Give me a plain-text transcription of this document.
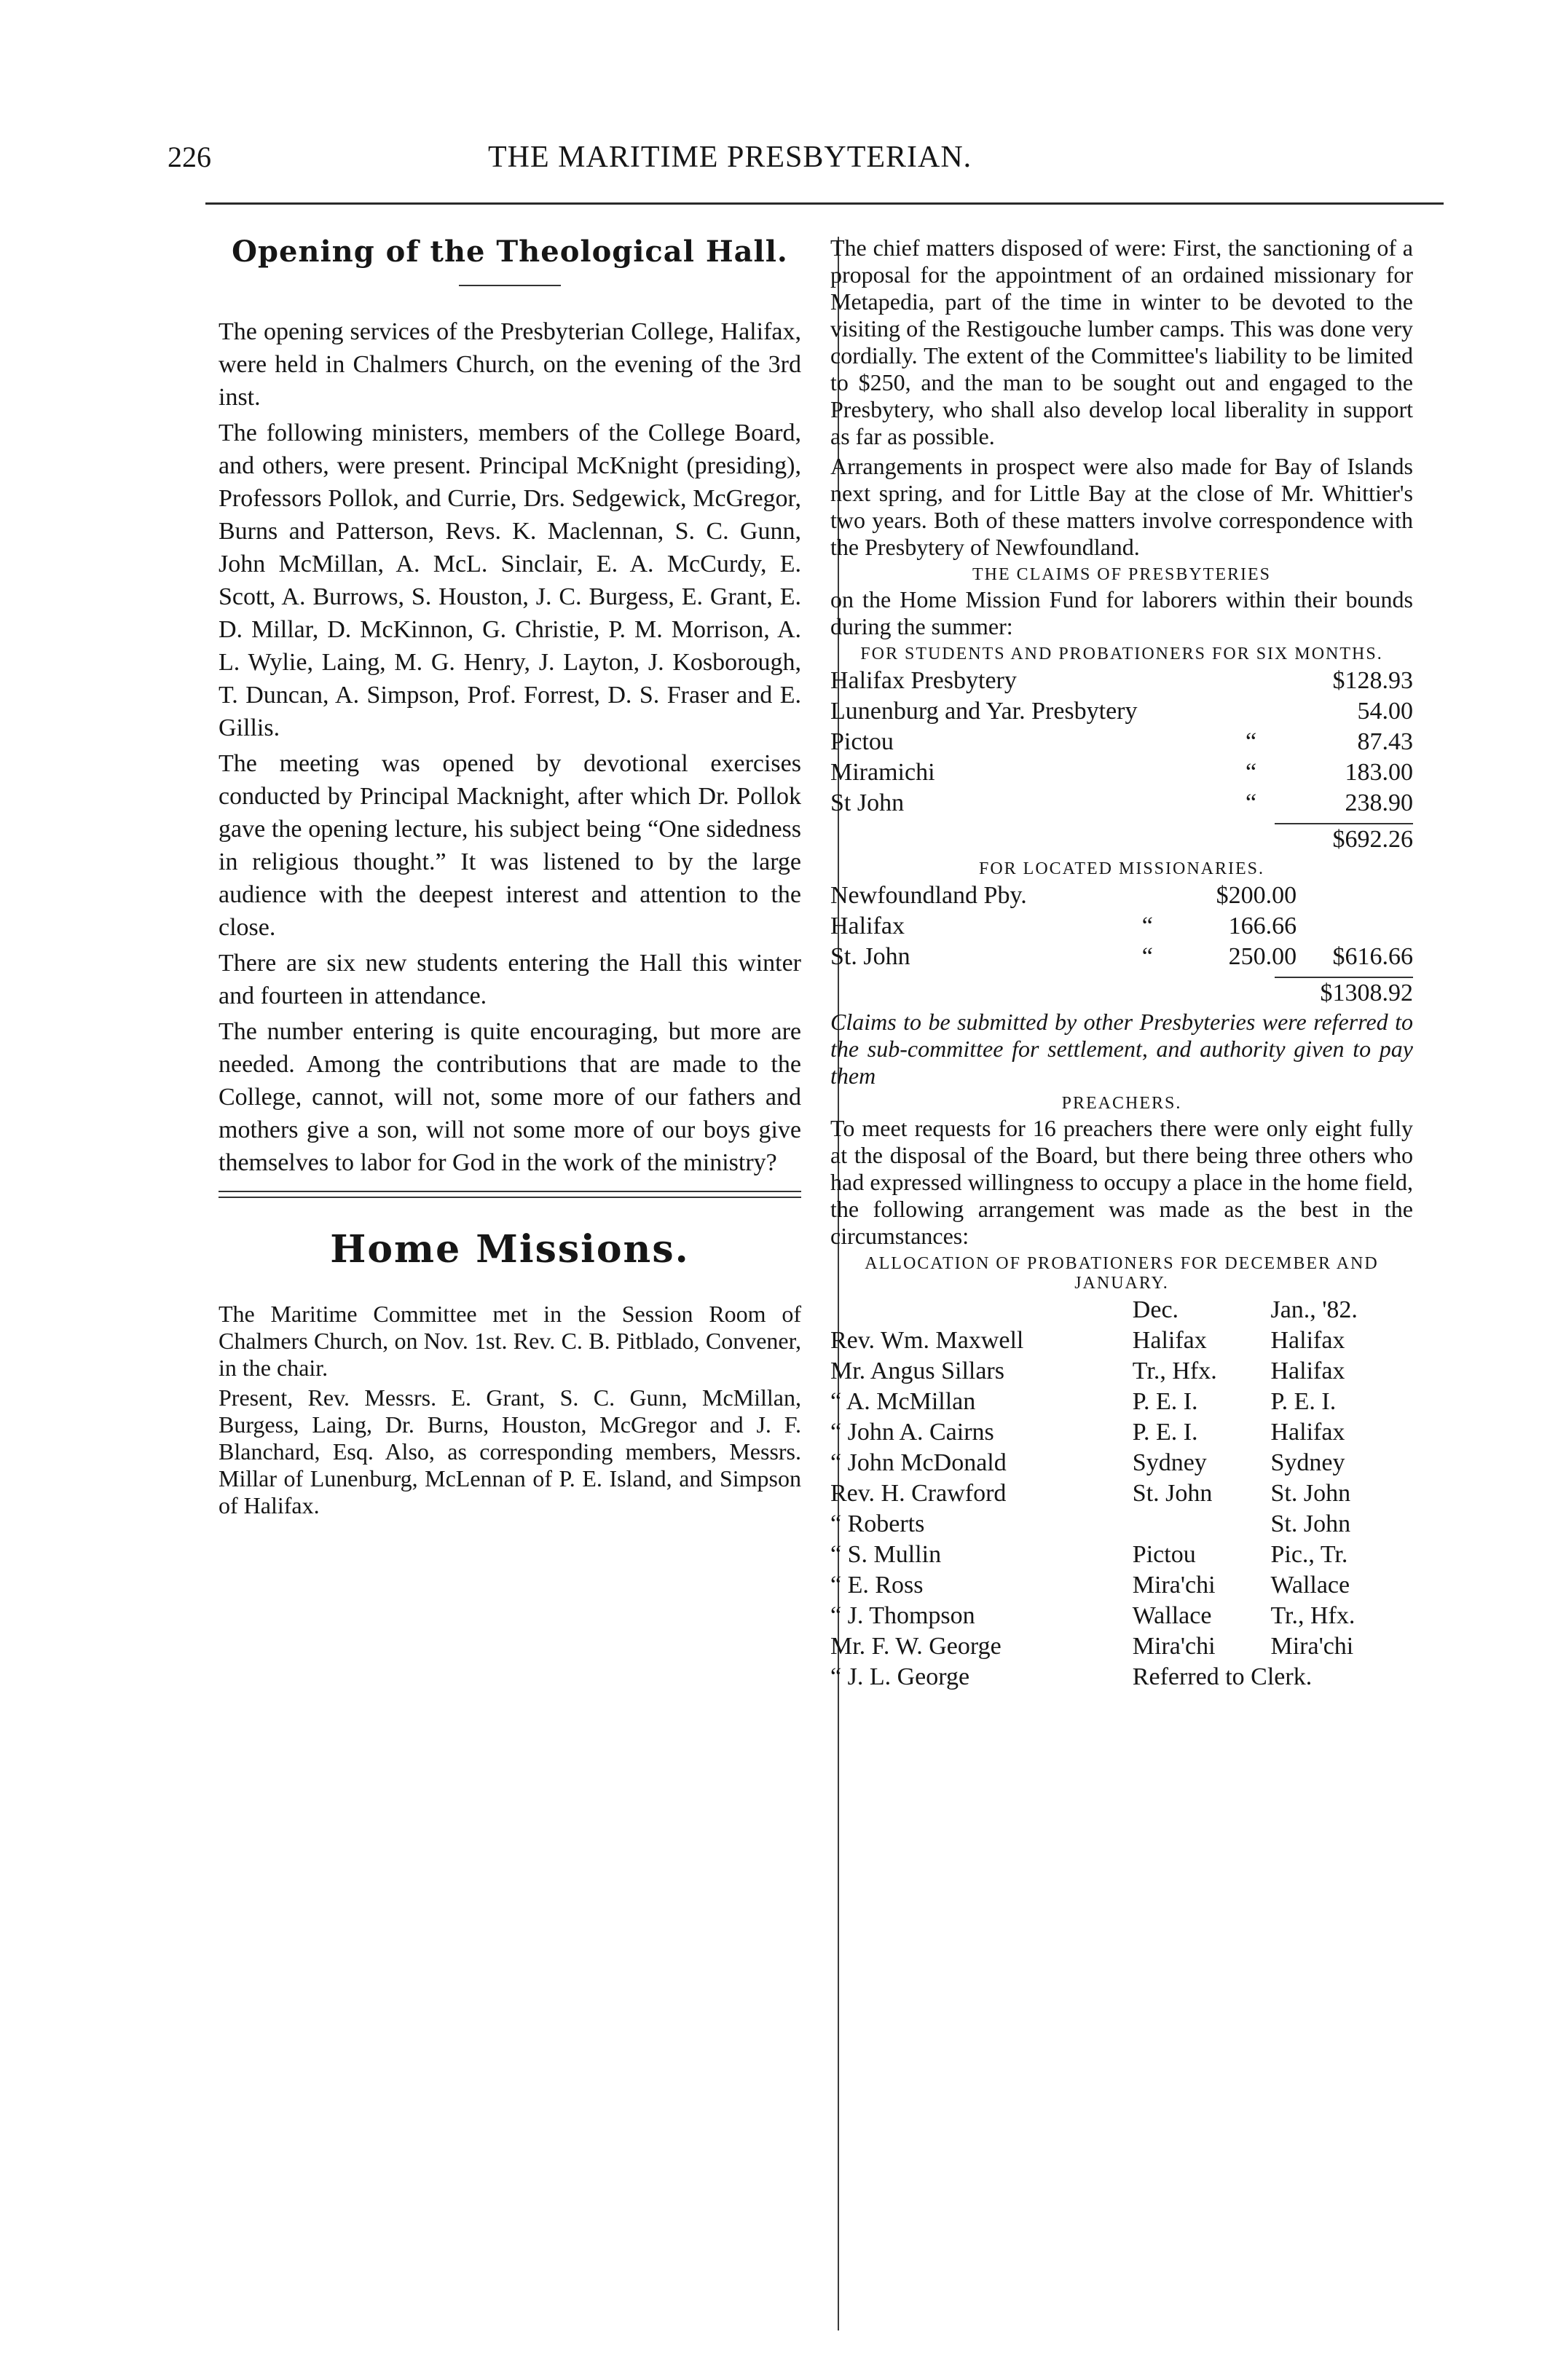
226	THE MARITIME PRESBYTERIAN.
Opening of the Theological Hall.

The opening services of the Presbyterian College, Halifax, were held in Chalmers Church, on the evening of the 3rd inst.

The following ministers, members of the College Board, and others, were present. Principal McKnight (presiding), Professors Pollok, and Currie, Drs. Sedgewick, McGregor, Burns and Patterson, Revs. K. Maclennan, S. C. Gunn, John McMillan, A. McL. Sinclair, E. A. McCurdy, E. Scott, A. Burrows, S. Houston, J. C. Burgess, E. Grant, E. D. Millar, D. McKinnon, G. Christie, P. M. Morrison, A. L. Wylie, Laing, M. G. Henry, J. Layton, J. Kosborough, T. Duncan, A. Simpson, Prof. Forrest, D. S. Fraser and E. Gillis.

The meeting was opened by devotional exercises conducted by Principal Macknight, after which Dr. Pollok gave the opening lecture, his subject being “One sidedness in religious thought.” It was listened to by the large audience with the deepest interest and attention to the close.

There are six new students entering the Hall this winter and fourteen in attendance.

The number entering is quite encouraging, but more are needed. Among the contributions that are made to the College, cannot, will not, some more of our fathers and mothers give a son, will not some more of our boys give themselves to labor for God in the work of the ministry?

Home Missions.

The Maritime Committee met in the Session Room of Chalmers Church, on Nov. 1st. Rev. C. B. Pitblado, Convener, in the chair.

Present, Rev. Messrs. E. Grant, S. C. Gunn, McMillan, Burgess, Laing, Dr. Burns, Houston, McGregor and J. F. Blanchard, Esq. Also, as corresponding members, Messrs. Millar of Lunenburg, McLennan of P. E. Island, and Simpson of Halifax.

The chief matters disposed of were: First, the sanctioning of a proposal for the appointment of an ordained missionary for Metapedia, part of the time in winter to be devoted to the visiting of the Restigouche lumber camps. This was done very cordially. The extent of the Committee's liability to be limited to $250, and the man to be sought out and engaged to the Presbytery, who shall also develop local liberality in support as far as possible.

Arrangements in prospect were also made for Bay of Islands next spring, and for Little Bay at the close of Mr. Whittier's two years. Both of these matters involve correspondence with the Presbytery of Newfoundland.

THE CLAIMS OF PRESBYTERIES

on the Home Mission Fund for laborers within their bounds during the summer:

FOR STUDENTS AND PROBATIONERS FOR SIX MONTHS.
Halifax Presbytery		$128.93
Lunenburg and Yar. Presbytery		54.00
Pictou	“	87.43
Miramichi	“	183.00
St John	“	238.90
$692.26
FOR LOCATED MISSIONARIES.
Newfoundland Pby.		$200.00	
Halifax	“	166.66	
St. John	“	250.00	$616.66
$1308.92

Claims to be submitted by other Presbyteries were referred to the sub-committee for settlement, and authority given to pay them

PREACHERS.

To meet requests for 16 preachers there were only eight fully at the disposal of the Board, but there being three others who had expressed willingness to occupy a place in the home field, the following arrangement was made as the best in the circumstances:

ALLOCATION OF PROBATIONERS FOR DECEMBER AND JANUARY.
	Dec.	Jan., '82.
Rev. Wm. Maxwell	Halifax	Halifax
Mr. Angus Sillars	Tr., Hfx.	Halifax
“ A. McMillan	P. E. I.	P. E. I.
“ John A. Cairns	P. E. I.	Halifax
“ John McDonald	Sydney	Sydney
Rev. H. Crawford	St. John	St. John
“ Roberts		St. John
“ S. Mullin	Pictou	Pic., Tr.
“ E. Ross	Mira'chi	Wallace
“ J. Thompson	Wallace	Tr., Hfx.
Mr. F. W. George	Mira'chi	Mira'chi
“ J. L. George	Referred to Clerk.	
